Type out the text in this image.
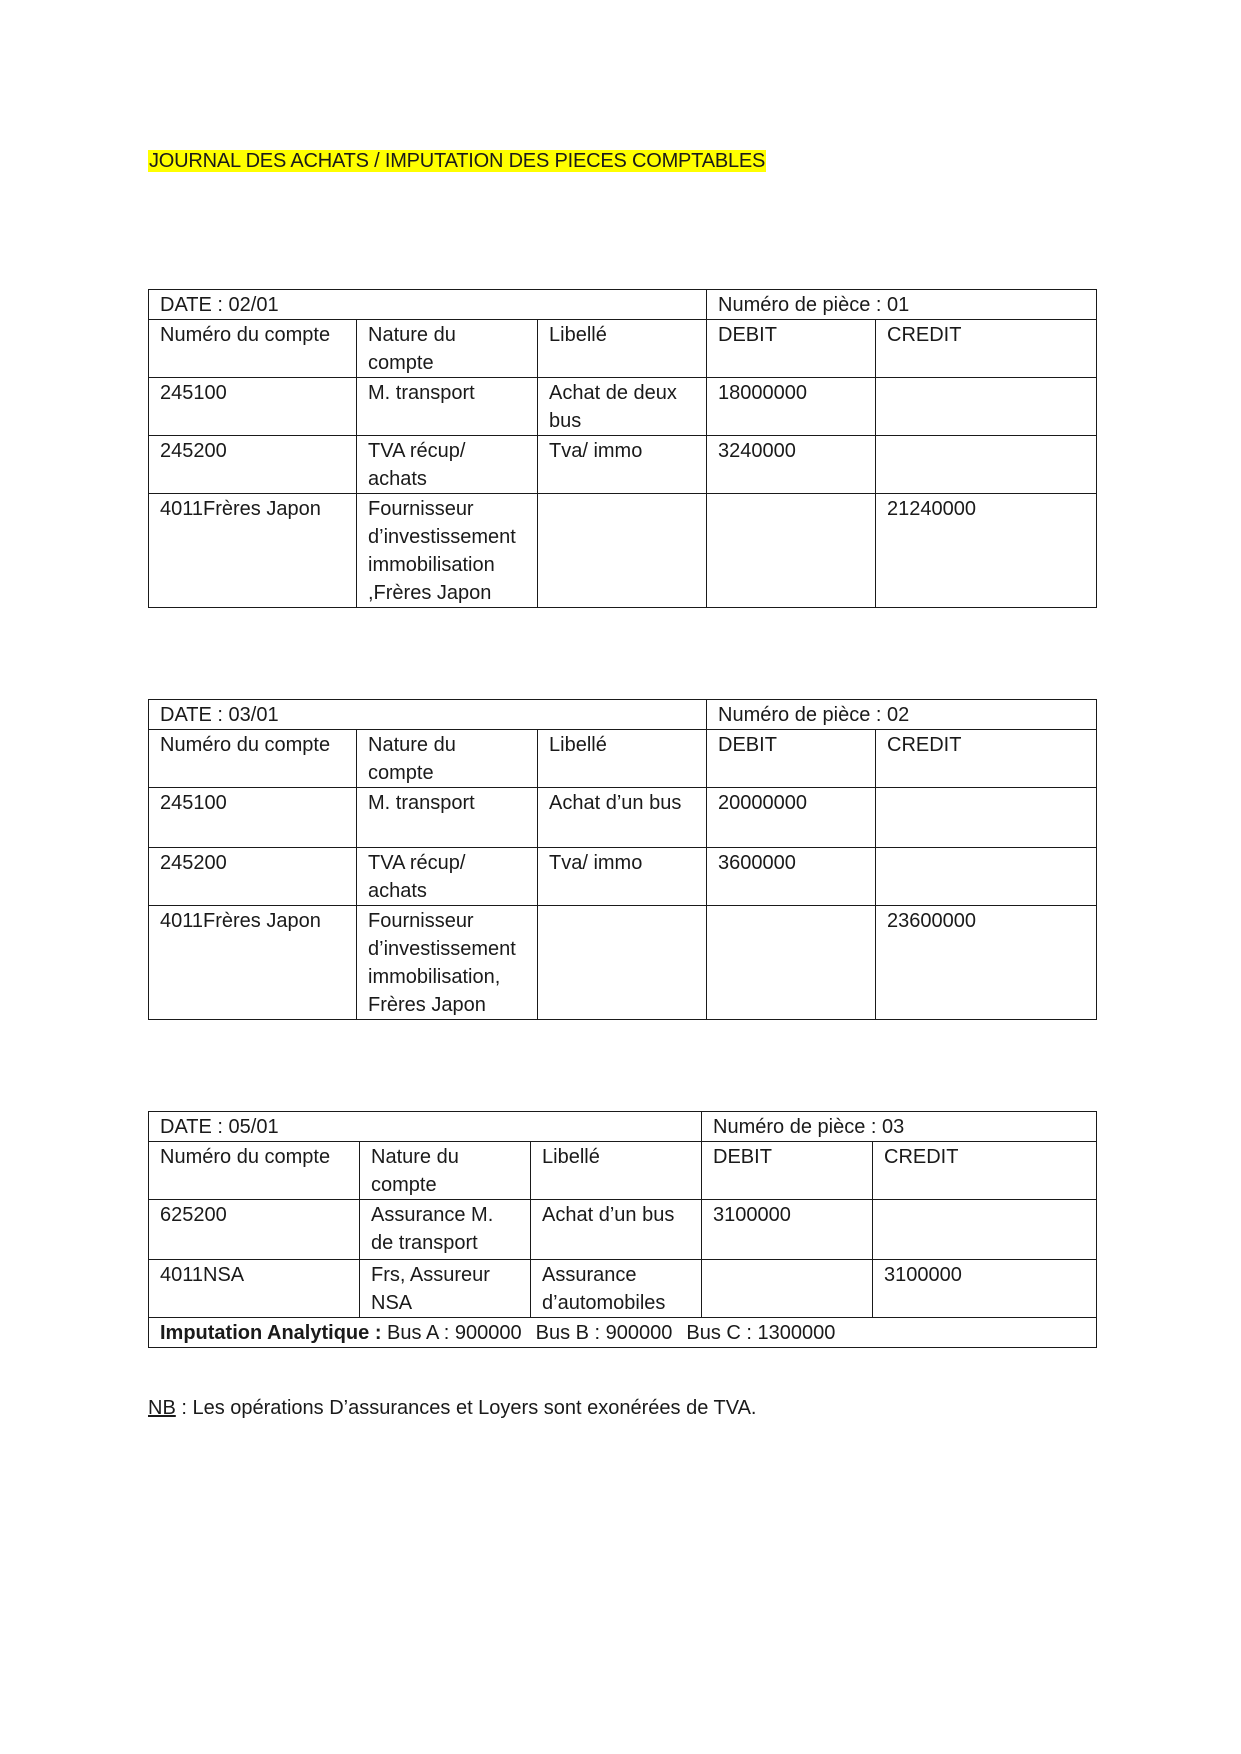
JOURNAL DES ACHATS / IMPUTATION DES PIECES COMPTABLES
DATE : 02/01			Numéro de pièce : 01	
Numéro du compte	Nature du compte	Libellé	DEBIT	CREDIT
245100	M. transport	Achat de deux bus	18000000	
245200	TVA récup/ achats	Tva/ immo	3240000	
4011Frères Japon	Fournisseur d’investissement immobilisation ,Frères Japon			21240000
DATE : 03/01			Numéro de pièce : 02	
Numéro du compte	Nature du compte	Libellé	DEBIT	CREDIT
245100	M. transport	Achat d’un bus	20000000	
245200	TVA récup/ achats	Tva/ immo	3600000	
4011Frères Japon	Fournisseur d’investissement immobilisation, Frères Japon			23600000
DATE : 05/01			Numéro de pièce : 03	
Numéro du compte	Nature du compte	Libellé	DEBIT	CREDIT
625200	Assurance M. de transport	Achat d’un bus	3100000	
4011NSA	Frs, Assureur NSA	Assurance d’automobiles		3100000
Imputation Analytique : Bus A : 900000 Bus B : 900000 Bus C : 1300000				
NB : Les opérations D’assurances et Loyers sont exonérées de TVA.
